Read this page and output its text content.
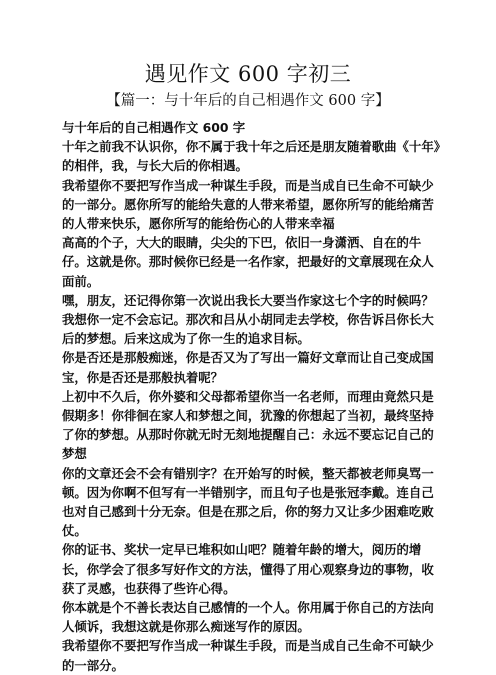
遇见作文 600 字初三
【篇一：与十年后的自己相遇作文 600 字】

与十年后的自己相遇作文 600 字

十年之前我不认识你，你不属于我十年之后还是朋友随着歌曲《十年》的相伴，我，与长大后的你相遇。

我希望你不要把写作当成一种谋生手段，而是当成自已生命不可缺少的一部分。愿你所写的能给失意的人带来希望，愿你所写的能给痛苦的人带来快乐，愿你所写的能给伤心的人带来幸福

高高的个子，大大的眼睛，尖尖的下巴，依旧一身潇洒、自在的牛仔。这就是你。那时候你已经是一名作家，把最好的文章展现在众人面前。

嘿，朋友，还记得你第一次说出我长大要当作家这七个字的时候吗？我想你一定不会忘记。那次和吕从小胡同走去学校，你告诉吕你长大后的梦想。后来这成为了你一生的追求目标。

你是否还是那般痴迷，你是否又为了写出一篇好文章而让自己变成国宝，你是否还是那般执着呢？

上初中不久后，你外婆和父母都希望你当一名老师，而理由竟然只是假期多！你徘徊在家人和梦想之间，犹豫的你想起了当初，最终坚持了你的梦想。从那时你就无时无刻地提醒自己：永远不要忘记自己的梦想

你的文章还会不会有错别字？在开始写的时候，整天都被老师臭骂一顿。因为你啊不但写有一半错别字，而且句子也是张冠李戴。连自己也对自己感到十分无奈。但是在那之后，你的努力又让多少困难吃败仗。

你的证书、奖状一定早已堆积如山吧？随着年龄的增大，阅历的增长，你学会了很多写好作文的方法，懂得了用心观察身边的事物，收获了灵感，也获得了些许心得。

你本就是个不善长表达自己感情的一个人。你用属于你自己的方法向人倾诉，我想这就是你那么痴迷写作的原因。

我希望你不要把写作当成一种谋生手段，而是当成自己生命不可缺少的一部分。
